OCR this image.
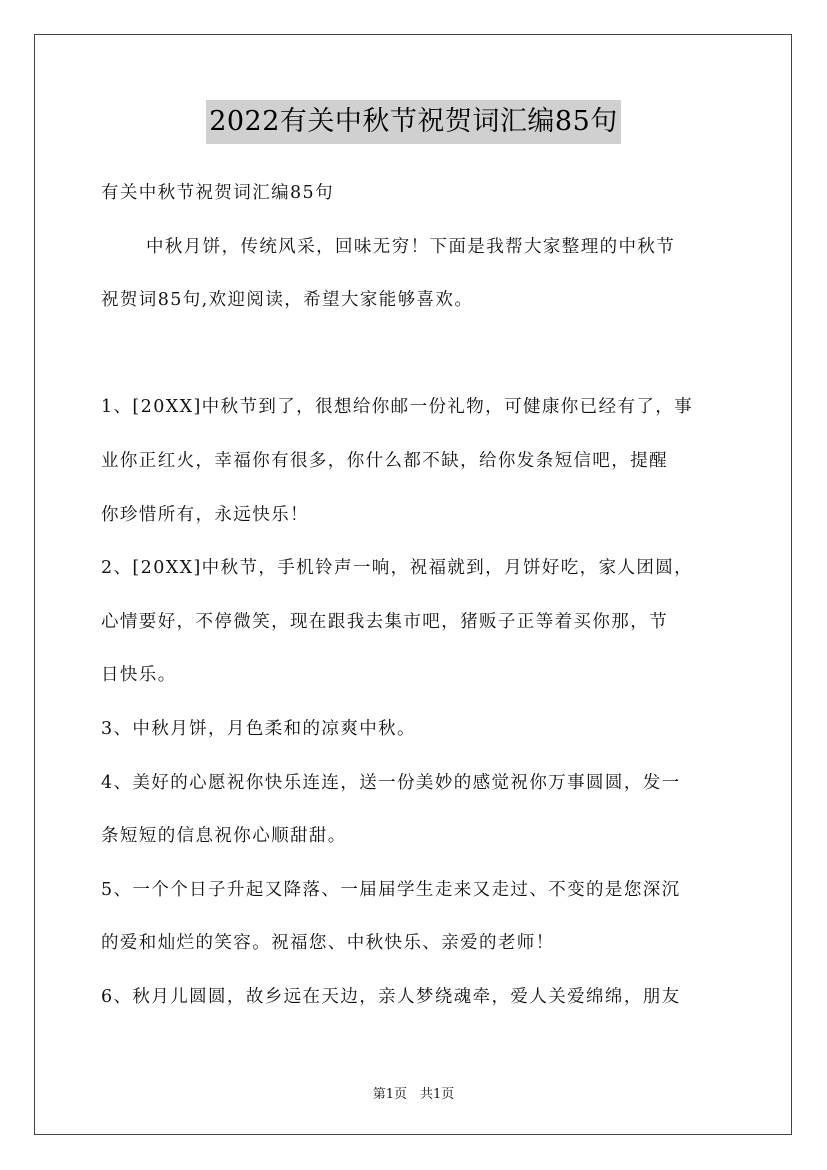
2022有关中秋节祝贺词汇编85句
有关中秋节祝贺词汇编85句
中秋月饼，传统风采，回味无穷！下面是我帮大家整理的中秋节
祝贺词85句,欢迎阅读，希望大家能够喜欢。
1、[20XX]中秋节到了，很想给你邮一份礼物，可健康你已经有了，事
业你正红火，幸福你有很多，你什么都不缺，给你发条短信吧，提醒
你珍惜所有，永远快乐！
2、[20XX]中秋节，手机铃声一响，祝福就到，月饼好吃，家人团圆，
心情要好，不停微笑，现在跟我去集市吧，猪贩子正等着买你那，节
日快乐。
3、中秋月饼，月色柔和的凉爽中秋。
4、美好的心愿祝你快乐连连，送一份美妙的感觉祝你万事圆圆，发一
条短短的信息祝你心顺甜甜。
5、一个个日子升起又降落、一届届学生走来又走过、不变的是您深沉
的爱和灿烂的笑容。祝福您、中秋快乐、亲爱的老师！
6、秋月儿圆圆，故乡远在天边，亲人梦绕魂牵，爱人关爱绵绵，朋友
第1页　共1页
